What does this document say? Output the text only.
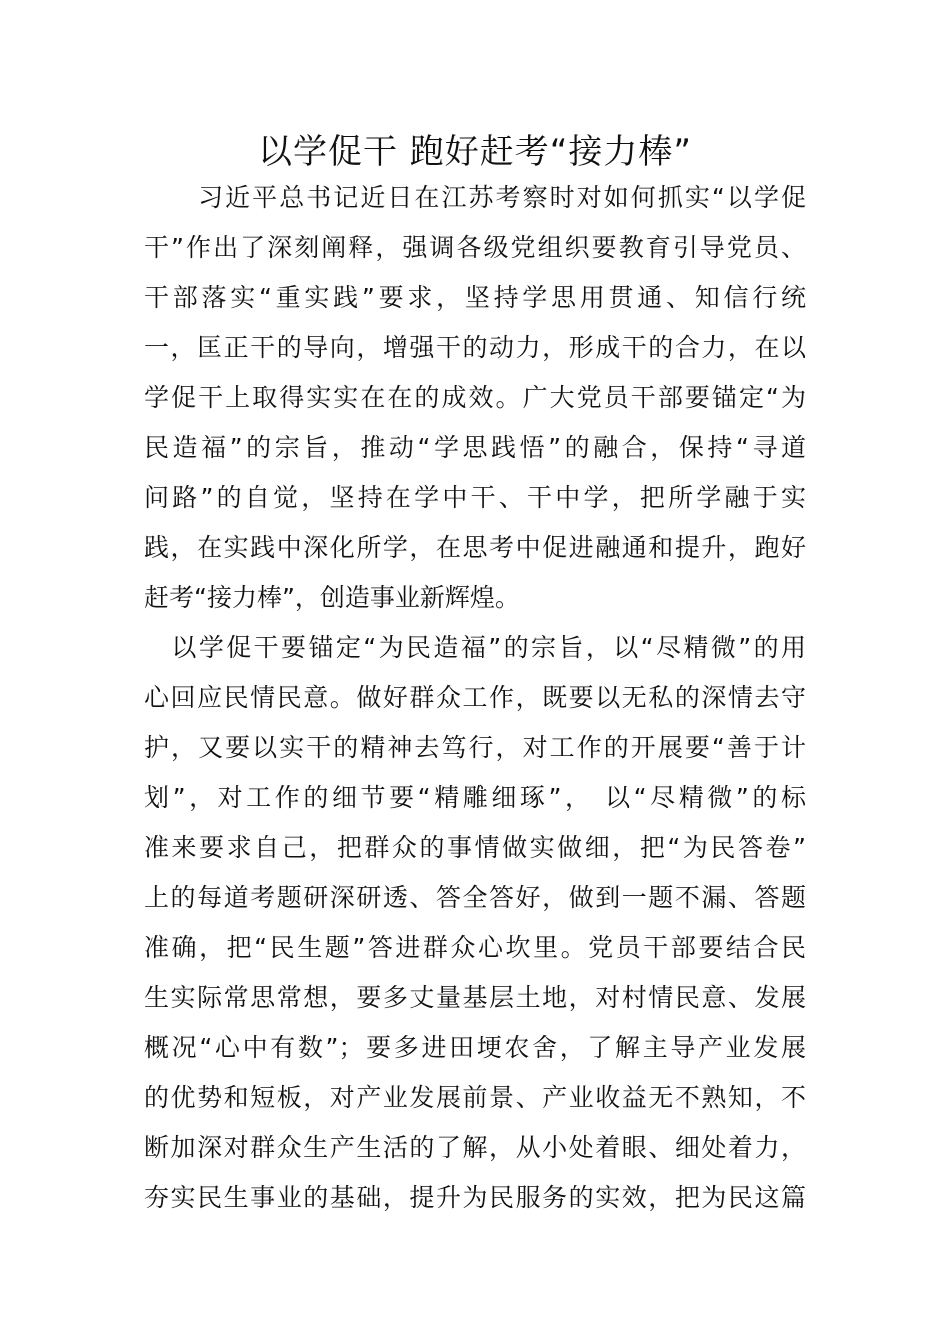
以学促干 跑好赶考“接力棒”
　　习近平总书记近日在江苏考察时对如何抓实“以学促
干”作出了深刻阐释，强调各级党组织要教育引导党员、
干部落实“重实践”要求，坚持学思用贯通、知信行统
一，匡正干的导向，增强干的动力，形成干的合力，在以
学促干上取得实实在在的成效。广大党员干部要锚定“为
民造福”的宗旨，推动“学思践悟”的融合，保持“寻道
问路”的自觉，坚持在学中干、干中学，把所学融于实
践，在实践中深化所学，在思考中促进融通和提升，跑好
赶考“接力棒”，创造事业新辉煌。
　以学促干要锚定“为民造福”的宗旨，以“尽精微”的用
心回应民情民意。做好群众工作，既要以无私的深情去守
护，又要以实干的精神去笃行，对工作的开展要“善于计
划”，对工作的细节要“精雕细琢”， 以“尽精微”的标
准来要求自己，把群众的事情做实做细，把“为民答卷”
上的每道考题研深研透、答全答好，做到一题不漏、答题
准确，把“民生题”答进群众心坎里。党员干部要结合民
生实际常思常想，要多丈量基层土地，对村情民意、发展
概况“心中有数”；要多进田埂农舍，了解主导产业发展
的优势和短板，对产业发展前景、产业收益无不熟知，不
断加深对群众生产生活的了解，从小处着眼、细处着力，
夯实民生事业的基础，提升为民服务的实效，把为民这篇
